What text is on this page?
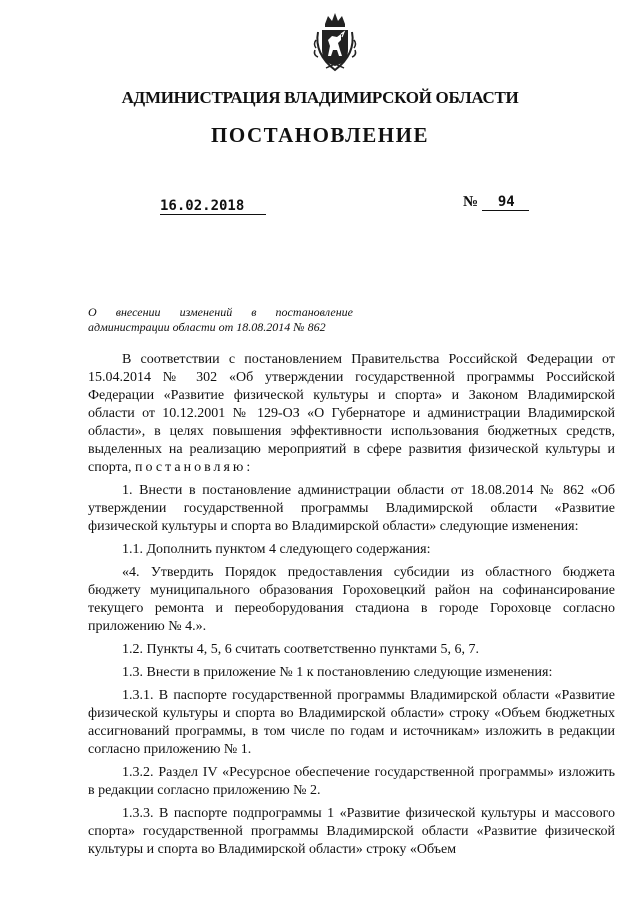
АДМИНИСТРАЦИЯ ВЛАДИМИРСКОЙ ОБЛАСТИ
ПОСТАНОВЛЕНИЕ
16.02.2018	№ 94
О внесении изменений в постановление администрации области от 18.08.2014 № 862

В соответствии с постановлением Правительства Российской Федерации от 15.04.2014 № 302 «Об утверждении государственной программы Российской Федерации «Развитие физической культуры и спорта» и Законом Владимирской области от 10.12.2001 № 129-ОЗ «О Губернаторе и администрации Владимирской области», в целях повышения эффективности использования бюджетных средств, выделенных на реализацию мероприятий в сфере развития физической культуры и спорта, постановляю:

1. Внести в постановление администрации области от 18.08.2014 № 862 «Об утверждении государственной программы Владимирской области «Развитие физической культуры и спорта во Владимирской области» следующие изменения:

1.1. Дополнить пунктом 4 следующего содержания:

«4. Утвердить Порядок предоставления субсидии из областного бюджета бюджету муниципального образования Гороховецкий район на софинансирование текущего ремонта и переоборудования стадиона в городе Гороховце согласно приложению № 4.».

1.2. Пункты 4, 5, 6 считать соответственно пунктами 5, 6, 7.

1.3. Внести в приложение № 1 к постановлению следующие изменения:

1.3.1. В паспорте государственной программы Владимирской области «Развитие физической культуры и спорта во Владимирской области» строку «Объем бюджетных ассигнований программы, в том числе по годам и источникам» изложить в редакции согласно приложению № 1.

1.3.2. Раздел IV «Ресурсное обеспечение государственной программы» изложить в редакции согласно приложению № 2.

1.3.3. В паспорте подпрограммы 1 «Развитие физической культуры и массового спорта» государственной программы Владимирской области «Развитие физической культуры и спорта во Владимирской области» строку «Объем
